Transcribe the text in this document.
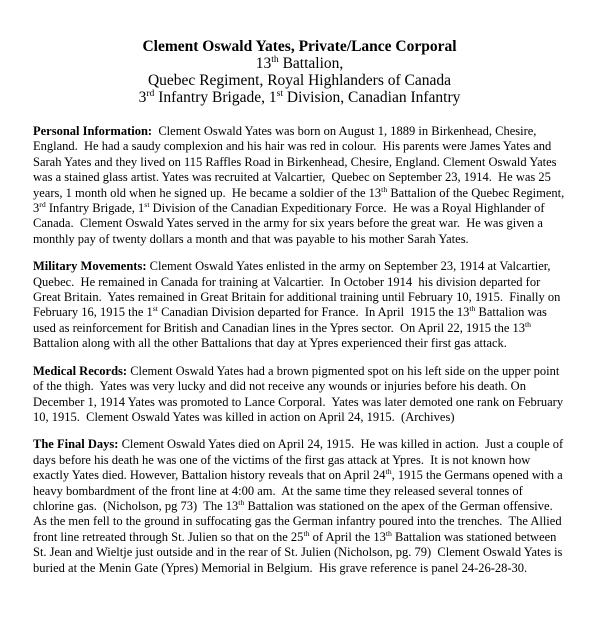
Clement Oswald Yates, Private/Lance Corporal
13th Battalion,
Quebec Regiment, Royal Highlanders of Canada
3rd Infantry Brigade, 1st Division, Canadian Infantry

Personal Information:  Clement Oswald Yates was born on August 1, 1889 in Birkenhead, Chesire, England.  He had a saudy complexion and his hair was red in colour.  His parents were James Yates and Sarah Yates and they lived on 115 Raffles Road in Birkenhead, Chesire, England. Clement Oswald Yates was a stained glass artist. Yates was recruited at Valcartier,  Quebec on September 23, 1914.  He was 25 years, 1 month old when he signed up.  He became a soldier of the 13th Battalion of the Quebec Regiment, 3rd Infantry Brigade, 1st Division of the Canadian Expeditionary Force.  He was a Royal Highlander of Canada.  Clement Oswald Yates served in the army for six years before the great war.  He was given a monthly pay of twenty dollars a month and that was payable to his mother Sarah Yates.

Military Movements: Clement Oswald Yates enlisted in the army on September 23, 1914 at Valcartier, Quebec.  He remained in Canada for training at Valcartier.  In October 1914  his division departed for Great Britain.  Yates remained in Great Britain for additional training until February 10, 1915.  Finally on February 16, 1915 the 1st Canadian Division departed for France.  In April  1915 the 13th Battalion was used as reinforcement for British and Canadian lines in the Ypres sector.  On April 22, 1915 the 13th Battalion along with all the other Battalions that day at Ypres experienced their first gas attack.

Medical Records: Clement Oswald Yates had a brown pigmented spot on his left side on the upper point of the thigh.  Yates was very lucky and did not receive any wounds or injuries before his death. On December 1, 1914 Yates was promoted to Lance Corporal.  Yates was later demoted one rank on February 10, 1915.  Clement Oswald Yates was killed in action on April 24, 1915.  (Archives)

The Final Days: Clement Oswald Yates died on April 24, 1915.  He was killed in action.  Just a couple of days before his death he was one of the victims of the first gas attack at Ypres.  It is not known how exactly Yates died. However, Battalion history reveals that on April 24th, 1915 the Germans opened with a heavy bombardment of the front line at 4:00 am.  At the same time they released several tonnes of chlorine gas.  (Nicholson, pg 73)  The 13th Battalion was stationed on the apex of the German offensive.  As the men fell to the ground in suffocating gas the German infantry poured into the trenches.  The Allied front line retreated through St. Julien so that on the 25th of April the 13th Battalion was stationed between St. Jean and Wieltje just outside and in the rear of St. Julien (Nicholson, pg. 79)  Clement Oswald Yates is buried at the Menin Gate (Ypres) Memorial in Belgium.  His grave reference is panel 24-26-28-30.
